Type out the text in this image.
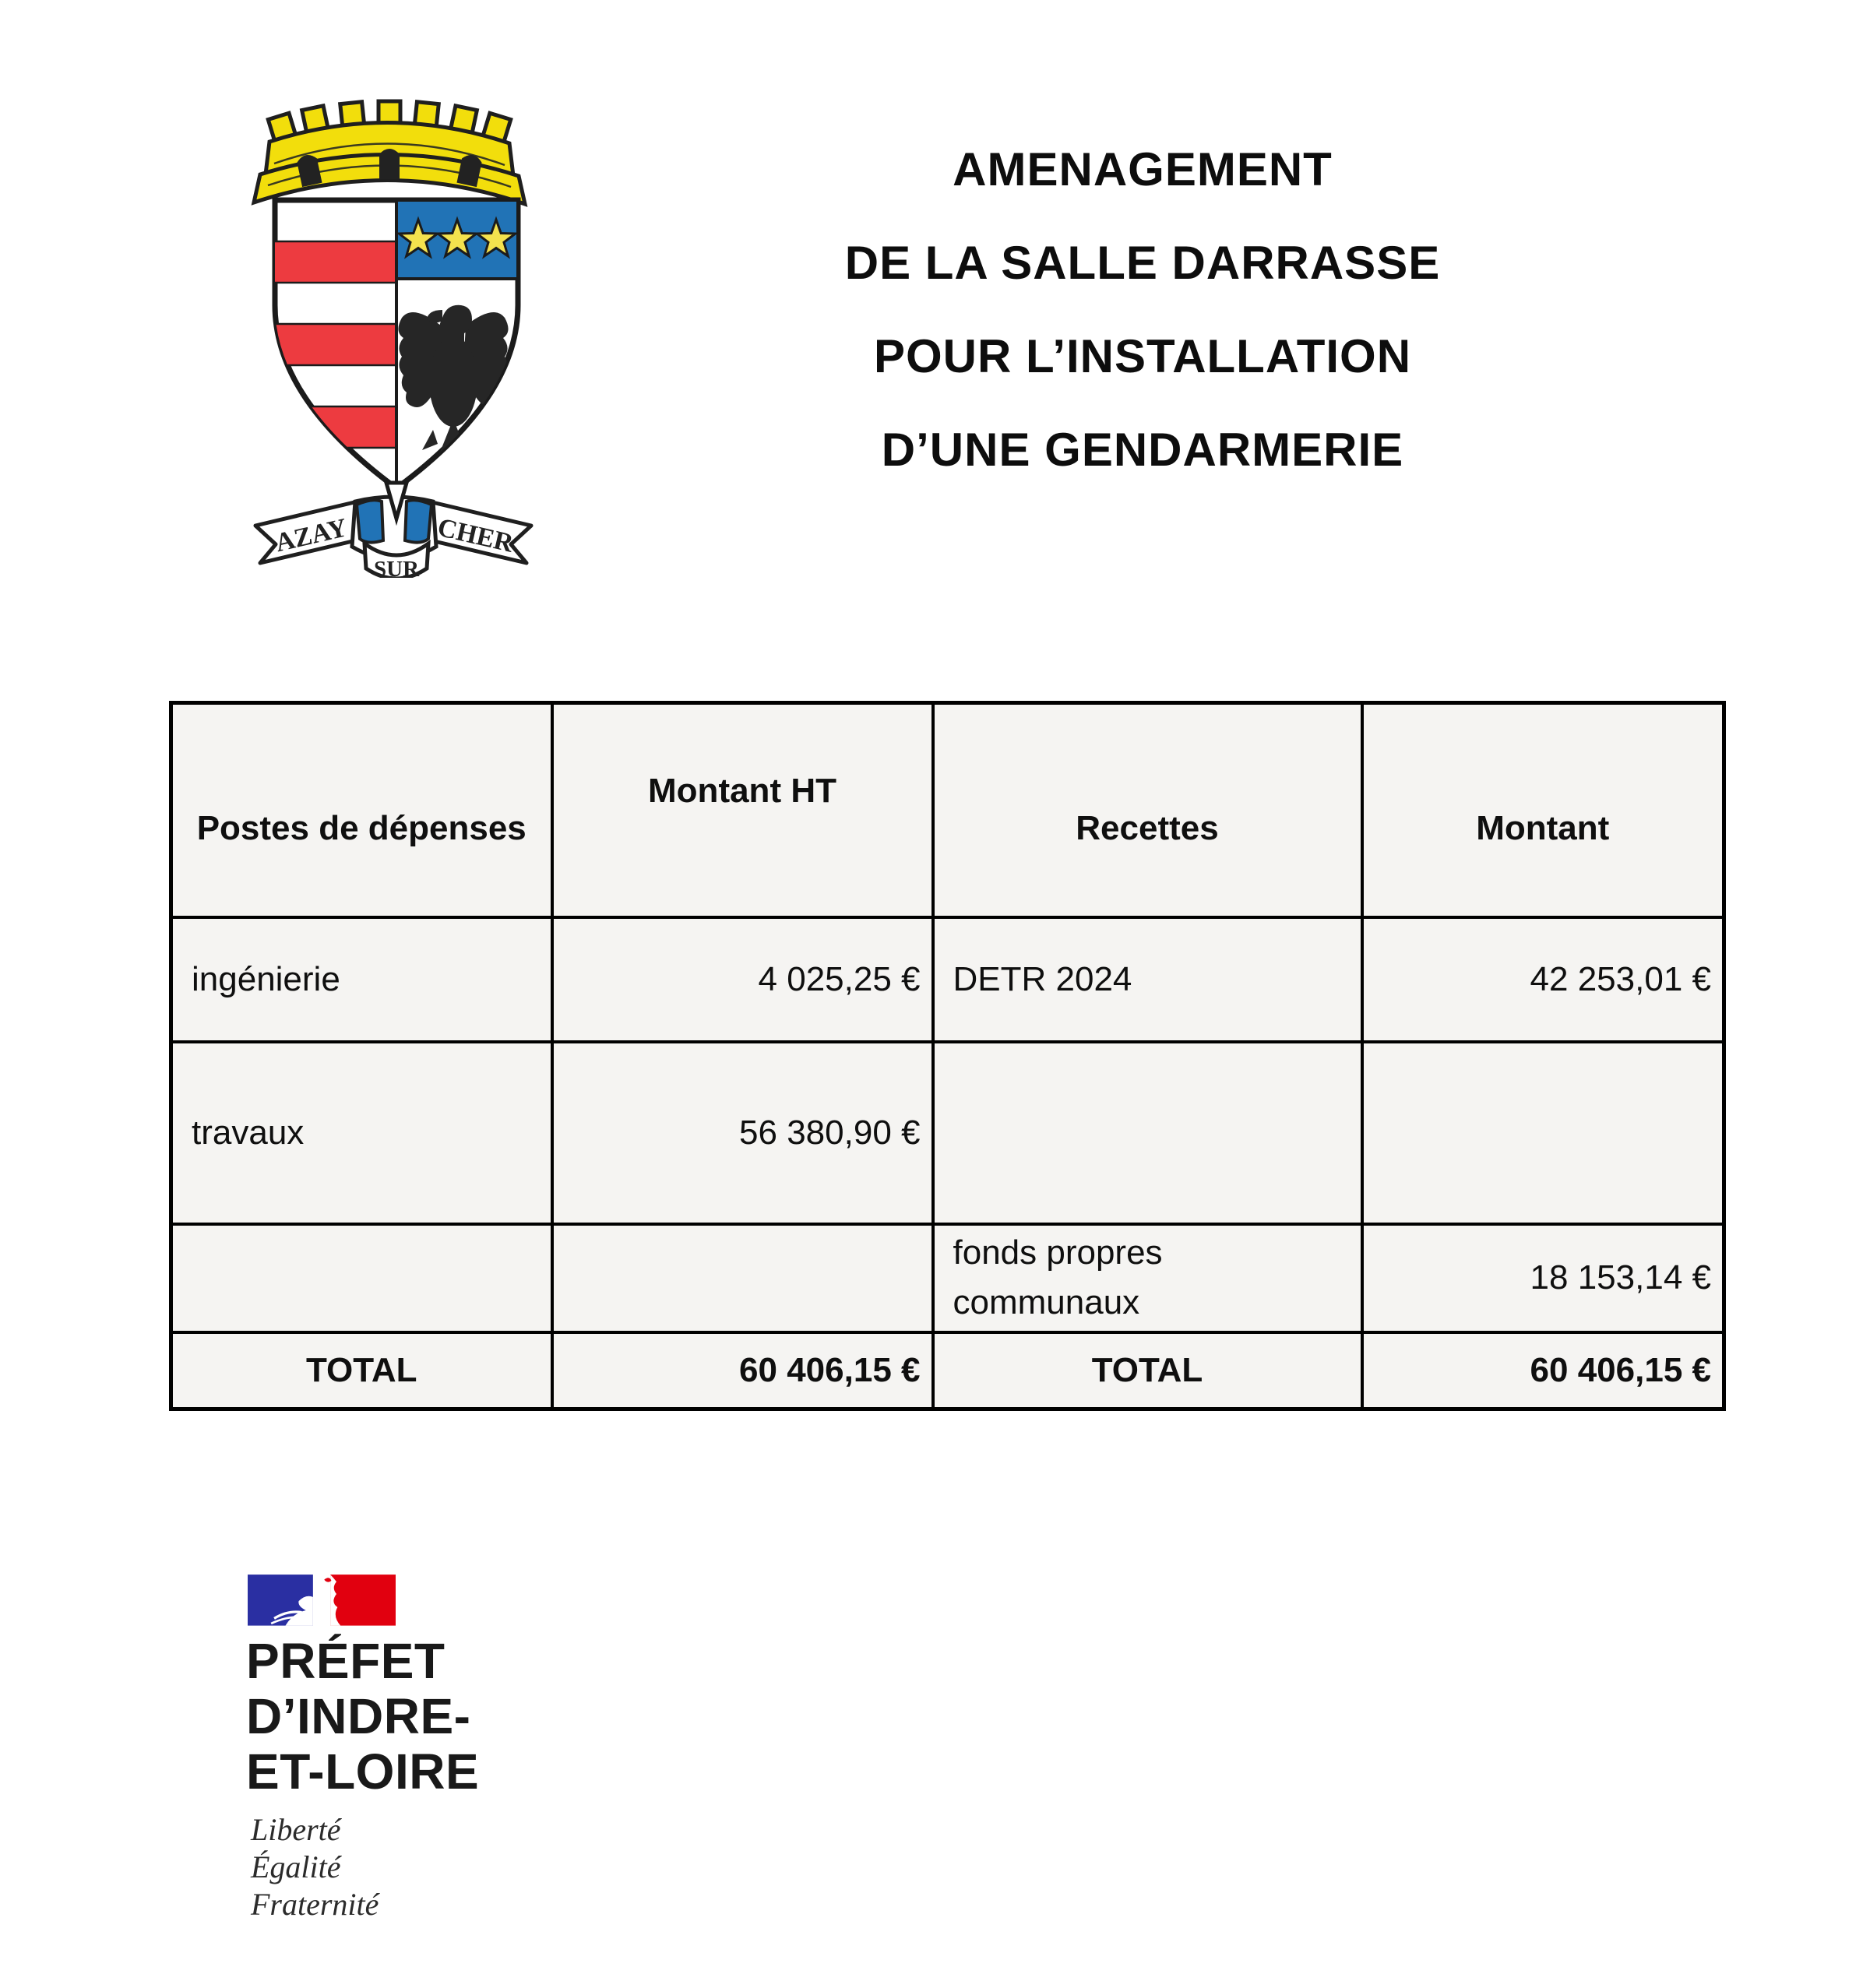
AZAY	CHER
SUR
AMENAGEMENT
DE LA SALLE DARRASSE
POUR L’INSTALLATION
D’UNE GENDARMERIE
Postes de dépenses	Montant HT	Recettes	Montant
ingénierie	4 025,25 €	DETR 2024	42 253,01 €
travaux	56 380,90 €		

		fonds propres communaux	18 153,14 €
TOTAL	60 406,15 €	TOTAL	60 406,15 €
PRÉFET
D’INDRE-
ET-LOIRE
Liberté
Égalité
Fraternité
